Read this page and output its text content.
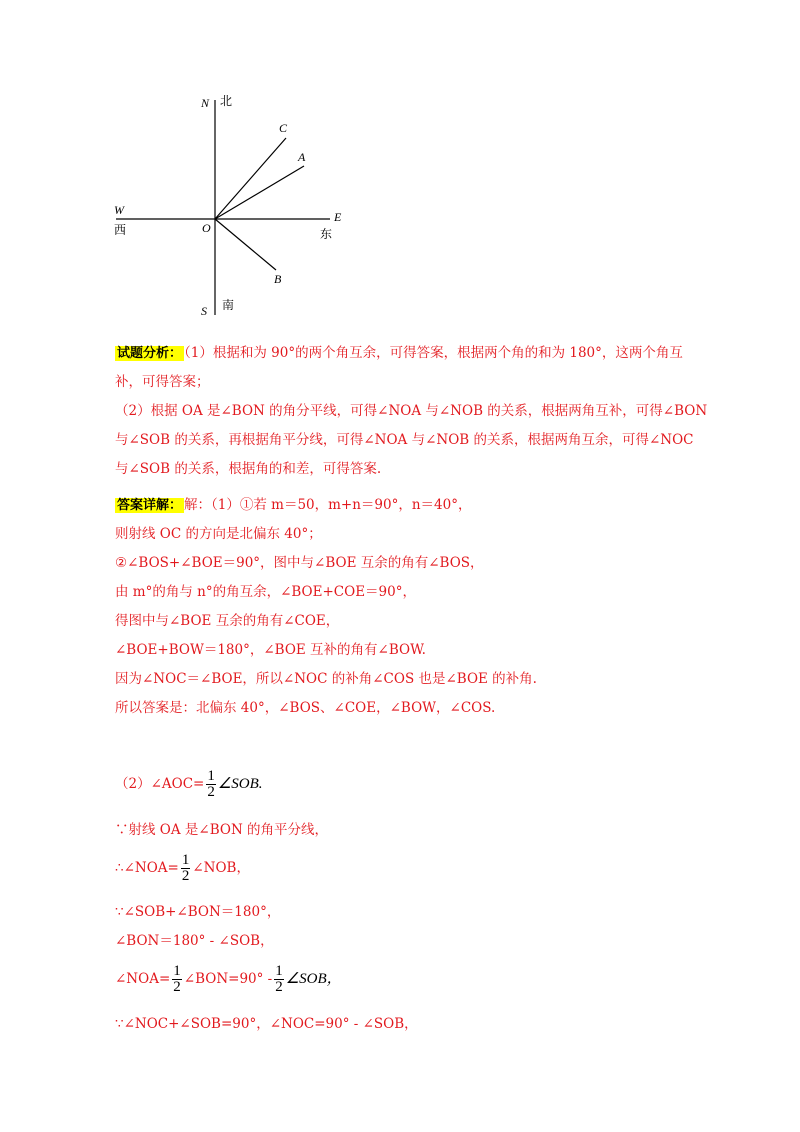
N 北
C
A
W
西	O
E
东
B
S 南
试题分析： （1）根据和为 90°的两个角互余，可得答案，根据两个角的和为 180°，这两个角互
补，可得答案；
（2）根据 OA 是∠BON 的角分平线，可得∠NOA 与∠NOB 的关系，根据两角互补，可得∠BON
与∠SOB 的关系，再根据角平分线，可得∠NOA 与∠NOB 的关系，根据两角互余，可得∠NOC
与∠SOB 的关系，根据角的和差，可得答案.
答案详解： 解：（1）①若 m＝50，m+n＝90°，n＝40°，
则射线 OC 的方向是北偏东 40°；
②∠BOS+∠BOE＝90°，图中与∠BOE 互余的角有∠BOS，
由 m°的角与 n°的角互余，∠BOE+COE＝90°，
得图中与∠BOE 互余的角有∠COE，
∠BOE+BOW＝180°，∠BOE 互补的角有∠BOW.
因为∠NOC＝∠BOE，所以∠NOC 的补角∠COS 也是∠BOE 的补角.
所以答案是：北偏东 40°，∠BOS、∠COE，∠BOW，∠COS.
（2）∠AOC= $\frac{1}{2}$ ∠SOB.
∵射线 OA 是∠BON 的角平分线，
∴∠NOA= $\frac{1}{2}$ ∠NOB，
∵∠SOB+∠BON＝180°，
∠BON＝180° - ∠SOB，
∠NOA= $\frac{1}{2}$ ∠BON=90° - $\frac{1}{2}$ ∠SOB，
∵∠NOC+∠SOB=90°，∠NOC=90° - ∠SOB，
